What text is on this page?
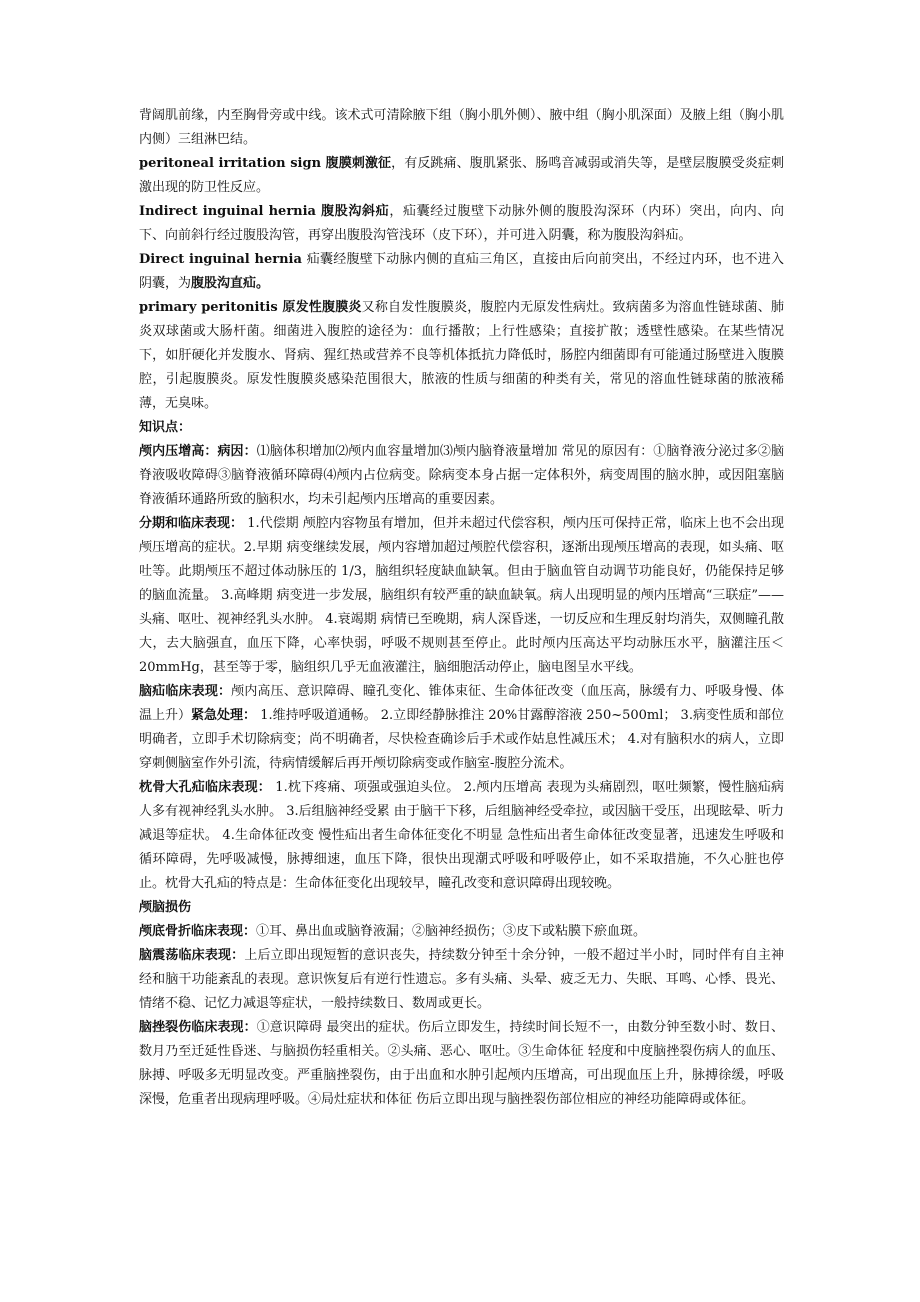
背阔肌前缘，内至胸骨旁或中线。该术式可清除腋下组（胸小肌外侧）、腋中组（胸小肌深面）及腋上组（胸小肌内侧）三组淋巴结。

peritoneal irritation sign 腹膜刺激征，有反跳痛、腹肌紧张、肠鸣音减弱或消失等，是壁层腹膜受炎症刺激出现的防卫性反应。

Indirect inguinal hernia 腹股沟斜疝，疝囊经过腹壁下动脉外侧的腹股沟深环（内环）突出，向内、向下、向前斜行经过腹股沟管，再穿出腹股沟管浅环（皮下环），并可进入阴囊，称为腹股沟斜疝。

Direct inguinal hernia 疝囊经腹壁下动脉内侧的直疝三角区，直接由后向前突出，不经过内环，也不进入阴囊，为腹股沟直疝。

primary peritonitis 原发性腹膜炎又称自发性腹膜炎，腹腔内无原发性病灶。致病菌多为溶血性链球菌、肺炎双球菌或大肠杆菌。细菌进入腹腔的途径为：血行播散；上行性感染；直接扩散；透壁性感染。在某些情况下，如肝硬化并发腹水、肾病、猩红热或营养不良等机体抵抗力降低时，肠腔内细菌即有可能通过肠壁进入腹膜腔，引起腹膜炎。原发性腹膜炎感染范围很大，脓液的性质与细菌的种类有关，常见的溶血性链球菌的脓液稀薄，无臭味。

知识点：

颅内压增高：病因：⑴脑体积增加⑵颅内血容量增加⑶颅内脑脊液量增加 常见的原因有：①脑脊液分泌过多②脑脊液吸收障碍③脑脊液循环障碍⑷颅内占位病变。除病变本身占据一定体积外，病变周围的脑水肿，或因阻塞脑脊液循环通路所致的脑积水，均未引起颅内压增高的重要因素。

分期和临床表现： 1.代偿期 颅腔内容物虽有增加，但并未超过代偿容积，颅内压可保持正常，临床上也不会出现颅压增高的症状。2.早期 病变继续发展，颅内容增加超过颅腔代偿容积，逐渐出现颅压增高的表现，如头痛、呕吐等。此期颅压不超过体动脉压的 1/3，脑组织轻度缺血缺氧。但由于脑血管自动调节功能良好，仍能保持足够的脑血流量。 3.高峰期 病变进一步发展，脑组织有较严重的缺血缺氧。病人出现明显的颅内压增高“三联症”——头痛、呕吐、视神经乳头水肿。 4.衰竭期 病情已至晚期，病人深昏迷，一切反应和生理反射均消失，双侧瞳孔散大，去大脑强直，血压下降，心率快弱，呼吸不规则甚至停止。此时颅内压高达平均动脉压水平，脑灌注压＜20mmHg，甚至等于零，脑组织几乎无血液灌注，脑细胞活动停止，脑电图呈水平线。

脑疝临床表现：颅内高压、意识障碍、瞳孔变化、锥体束征、生命体征改变（血压高，脉缓有力、呼吸身慢、体温上升）紧急处理： 1.维持呼吸道通畅。 2.立即经静脉推注 20%甘露醇溶液 250~500ml； 3.病变性质和部位明确者，立即手术切除病变；尚不明确者，尽快检查确诊后手术或作姑息性减压术； 4.对有脑积水的病人，立即穿刺侧脑室作外引流，待病情缓解后再开颅切除病变或作脑室-腹腔分流术。

枕骨大孔疝临床表现： 1.枕下疼痛、项强或强迫头位。 2.颅内压增高 表现为头痛剧烈，呕吐频繁，慢性脑疝病人多有视神经乳头水肿。 3.后组脑神经受累 由于脑干下移，后组脑神经受牵拉，或因脑干受压，出现眩晕、听力减退等症状。 4.生命体征改变 慢性疝出者生命体征变化不明显 急性疝出者生命体征改变显著，迅速发生呼吸和循环障碍，先呼吸减慢，脉搏细速，血压下降，很快出现潮式呼吸和呼吸停止，如不采取措施，不久心脏也停止。枕骨大孔疝的特点是：生命体征变化出现较早，瞳孔改变和意识障碍出现较晚。

颅脑损伤

颅底骨折临床表现：①耳、鼻出血或脑脊液漏；②脑神经损伤；③皮下或粘膜下瘀血斑。

脑震荡临床表现：上后立即出现短暂的意识丧失，持续数分钟至十余分钟，一般不超过半小时，同时伴有自主神经和脑干功能紊乱的表现。意识恢复后有逆行性遗忘。多有头痛、头晕、疲乏无力、失眠、耳鸣、心悸、畏光、情绪不稳、记忆力减退等症状，一般持续数日、数周或更长。

脑挫裂伤临床表现：①意识障碍 最突出的症状。伤后立即发生，持续时间长短不一，由数分钟至数小时、数日、数月乃至迁延性昏迷、与脑损伤轻重相关。②头痛、恶心、呕吐。③生命体征 轻度和中度脑挫裂伤病人的血压、脉搏、呼吸多无明显改变。严重脑挫裂伤，由于出血和水肿引起颅内压增高，可出现血压上升，脉搏徐缓，呼吸深慢，危重者出现病理呼吸。④局灶症状和体征 伤后立即出现与脑挫裂伤部位相应的神经功能障碍或体征。
